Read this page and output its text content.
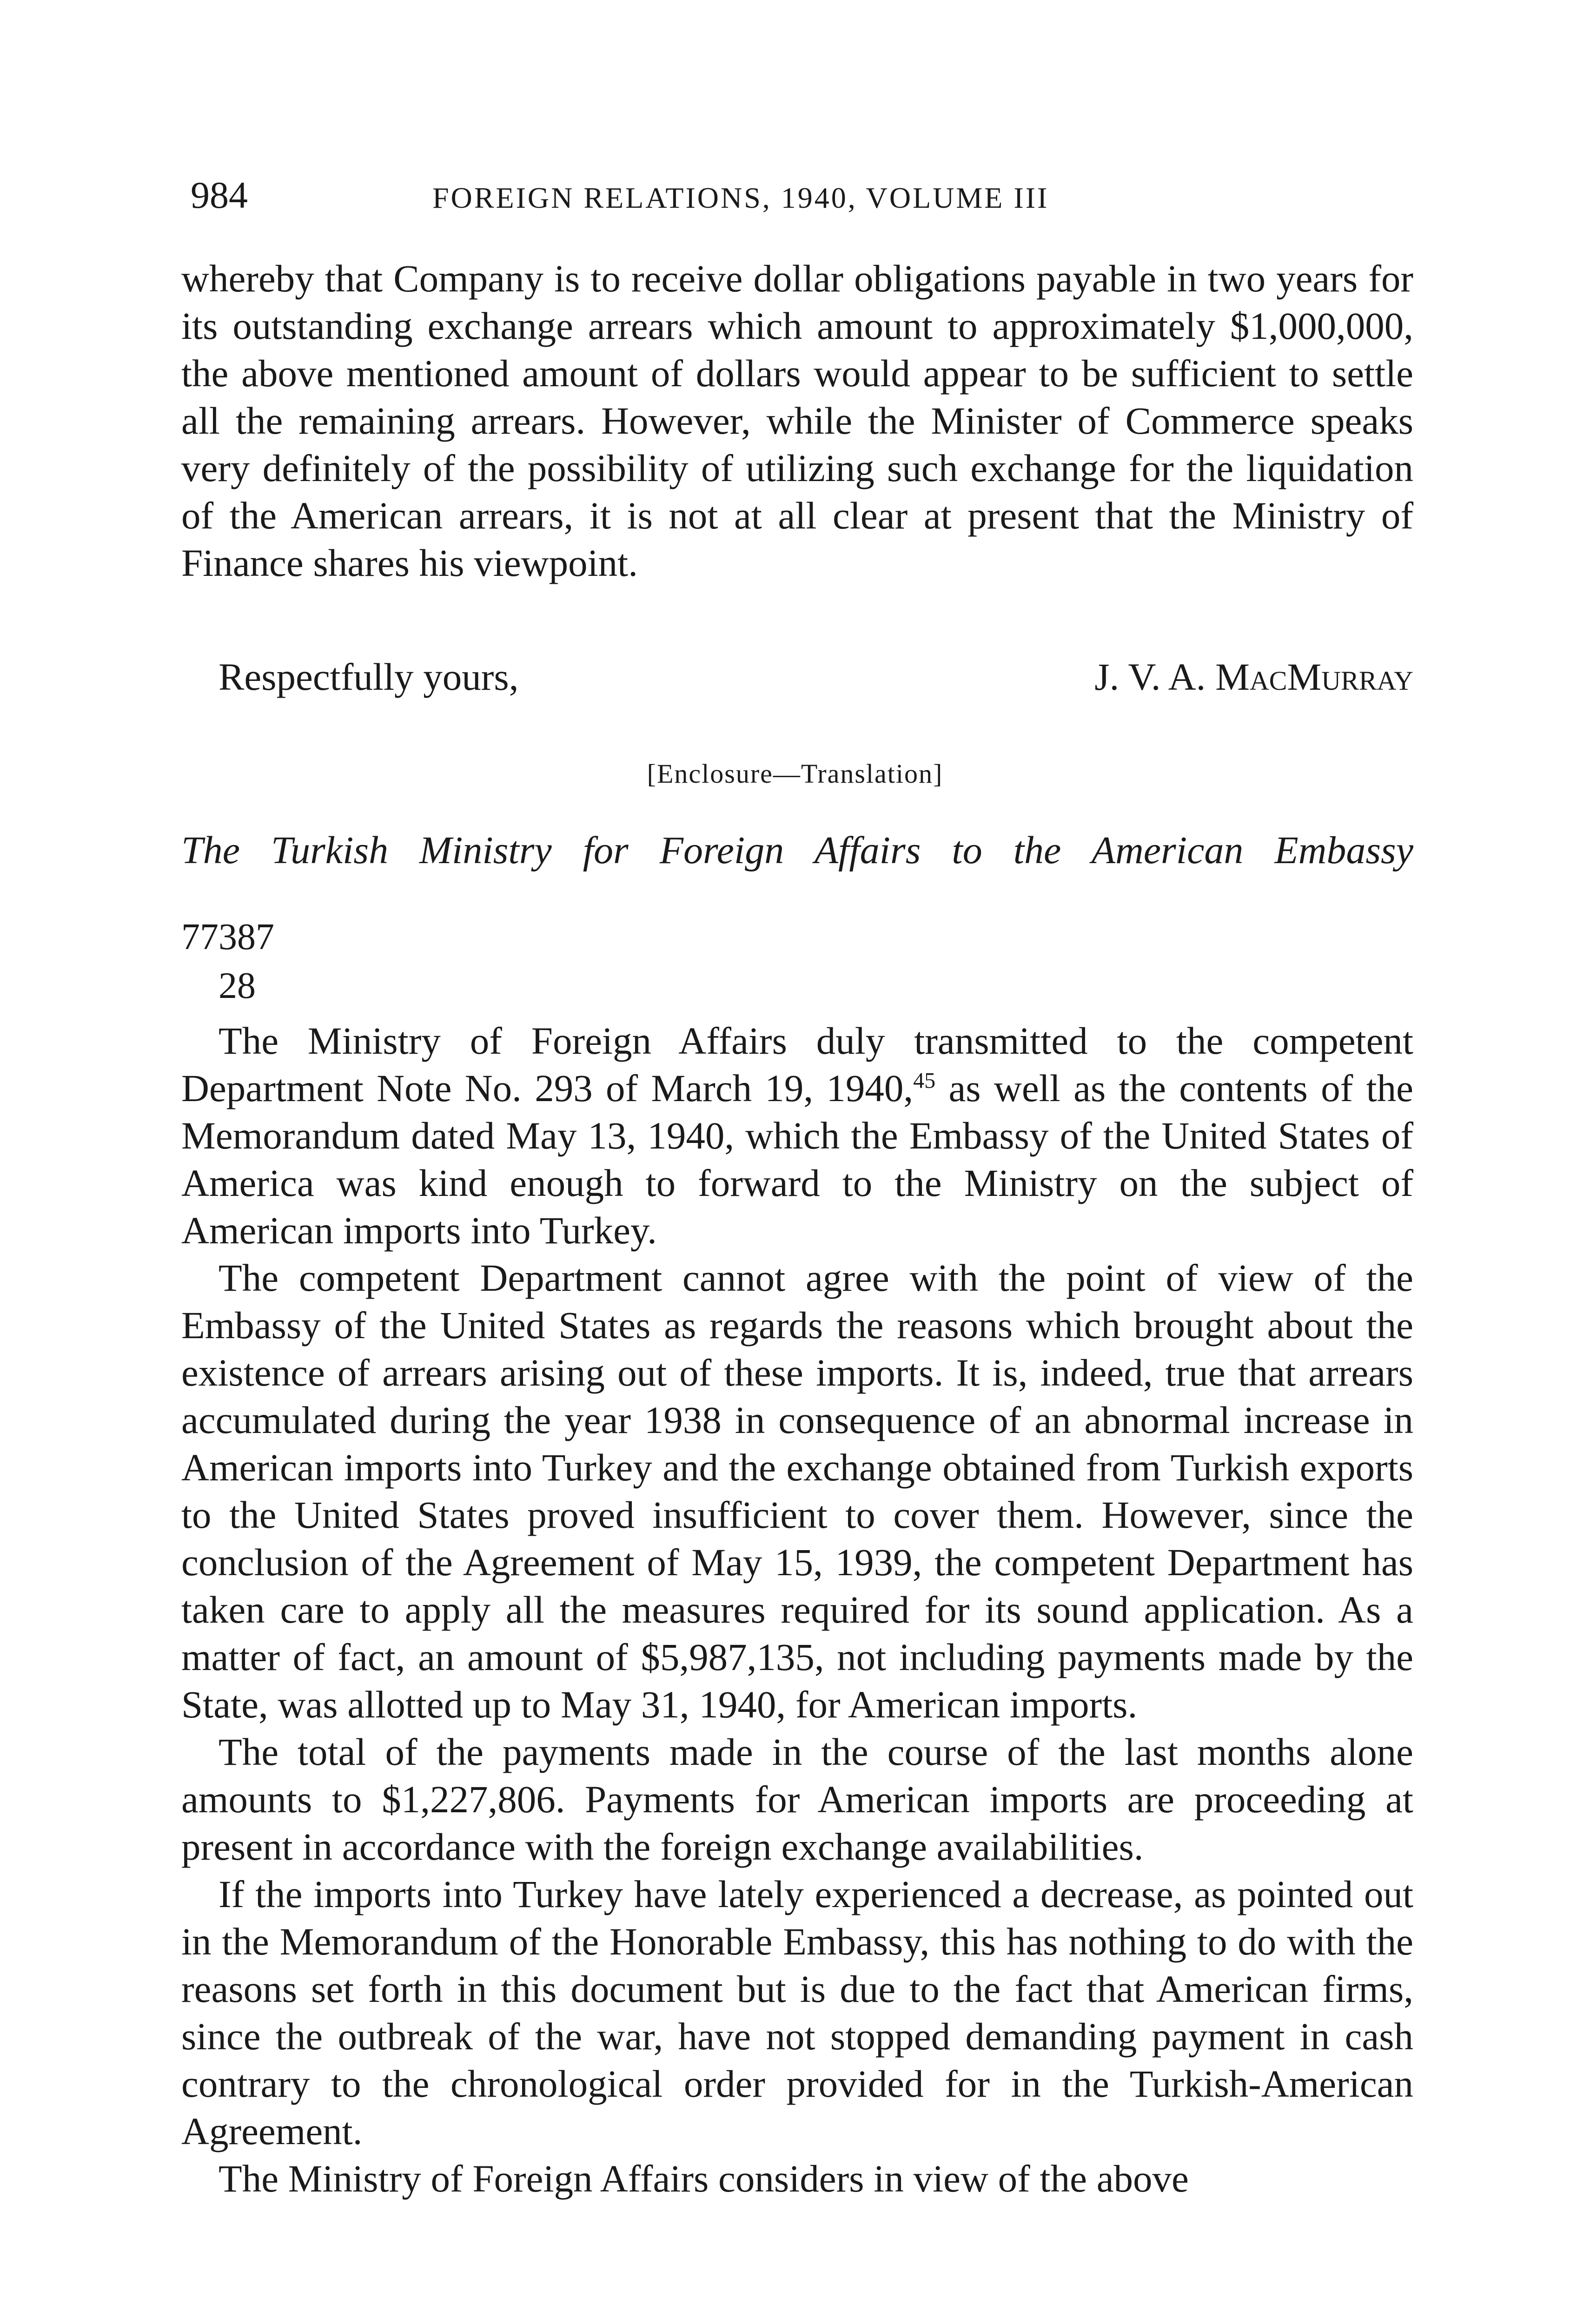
984	FOREIGN RELATIONS, 1940, VOLUME III

whereby that Company is to receive dollar obligations payable in two years for its outstanding exchange arrears which amount to approximately $1,000,000, the above mentioned amount of dollars would appear to be sufficient to settle all the remaining arrears. However, while the Minister of Commerce speaks very definitely of the possibility of utilizing such exchange for the liquidation of the American arrears, it is not at all clear at present that the Ministry of Finance shares his viewpoint.

Respectfully yours,	J. V. A. MacMurray
[Enclosure—Translation]
The Turkish Ministry for Foreign Affairs to the American Embassy
77387
28

The Ministry of Foreign Affairs duly transmitted to the competent Department Note No. 293 of March 19, 1940,45 as well as the contents of the Memorandum dated May 13, 1940, which the Embassy of the United States of America was kind enough to forward to the Ministry on the subject of American imports into Turkey.

The competent Department cannot agree with the point of view of the Embassy of the United States as regards the reasons which brought about the existence of arrears arising out of these imports. It is, indeed, true that arrears accumulated during the year 1938 in consequence of an abnormal increase in American imports into Turkey and the exchange obtained from Turkish exports to the United States proved insufficient to cover them. However, since the conclusion of the Agreement of May 15, 1939, the competent Department has taken care to apply all the measures required for its sound application. As a matter of fact, an amount of $5,987,135, not including payments made by the State, was allotted up to May 31, 1940, for American imports.

The total of the payments made in the course of the last months alone amounts to $1,227,806. Payments for American imports are proceeding at present in accordance with the foreign exchange availabilities.

If the imports into Turkey have lately experienced a decrease, as pointed out in the Memorandum of the Honorable Embassy, this has nothing to do with the reasons set forth in this document but is due to the fact that American firms, since the outbreak of the war, have not stopped demanding payment in cash contrary to the chronological order provided for in the Turkish-American Agreement.

The Ministry of Foreign Affairs considers in view of the above
